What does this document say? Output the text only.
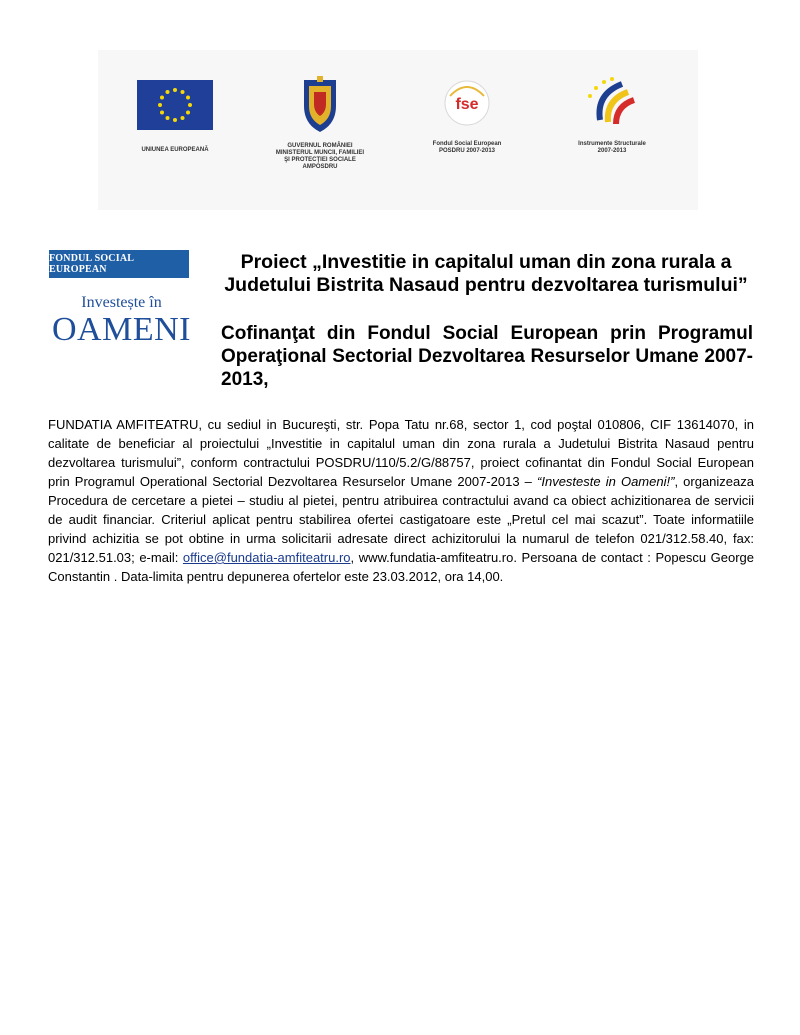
UNIUNEA EUROPEANĂ
GUVERNUL ROMÂNIEI
MINISTERUL MUNCII, FAMILIEI
ŞI PROTECŢIEI SOCIALE
AMPOSDRU
fse
Fondul Social European
POSDRU 2007-2013
Instrumente Structurale
2007-2013
FONDUL SOCIAL EUROPEAN
Investește în
OAMENI

Proiect „Investitie in capitalul uman din zona rurala a Judetului Bistrita Nasaud pentru dezvoltarea turismului”

Cofinanţat din Fondul Social European prin Programul Operaţional Sectorial Dezvoltarea Resurselor Umane 2007- 2013,

FUNDATIA AMFITEATRU, cu sediul in Bucureşti, str. Popa Tatu nr.68, sector 1, cod poştal 010806, CIF 13614070, in calitate de beneficiar al proiectului „Investitie in capitalul uman din zona rurala a Judetului Bistrita Nasaud pentru dezvoltarea turismului”, conform contractului POSDRU/110/5.2/G/88757, proiect cofinantat din Fondul Social European prin Programul Operational Sectorial Dezvoltarea Resurselor Umane 2007-2013 – “Investeste in Oameni!”, organizeaza Procedura de cercetare a pietei – studiu al pietei, pentru atribuirea contractului avand ca obiect achizitionarea de servicii de audit financiar. Criteriul aplicat pentru stabilirea ofertei castigatoare este „Pretul cel mai scazut”. Toate informatiile privind achizitia se pot obtine in urma solicitarii adresate direct achizitorului la numarul de telefon 021/312.58.40, fax: 021/312.51.03; e-mail: office@fundatia-amfiteatru.ro, www.fundatia-amfiteatru.ro. Persoana de contact : Popescu George Constantin . Data-limita pentru depunerea ofertelor este 23.03.2012, ora 14,00.
